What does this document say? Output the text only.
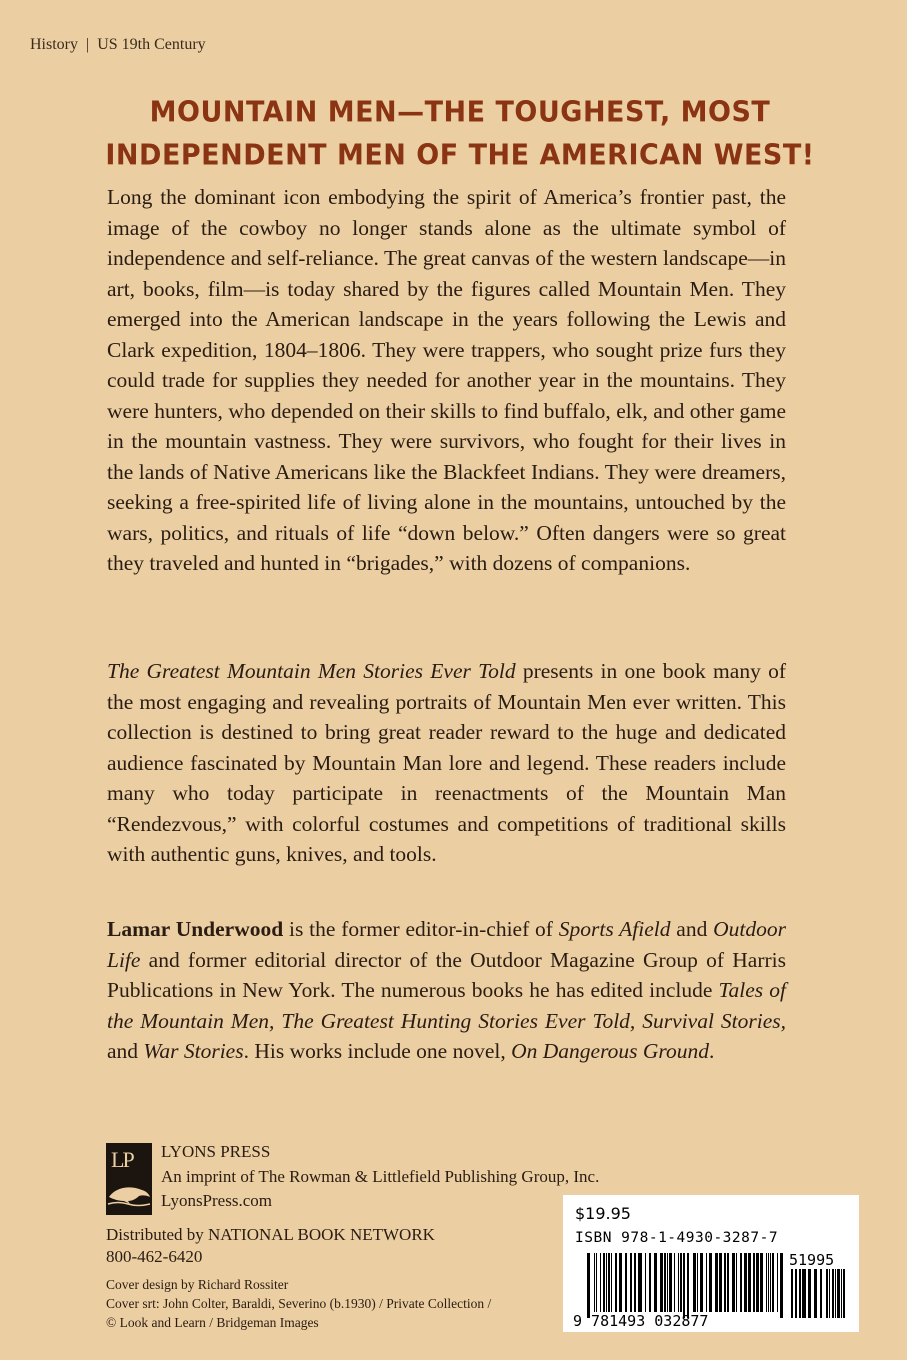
History | US 19th Century
MOUNTAIN MEN—THE TOUGHEST, MOST
INDEPENDENT MEN OF THE AMERICAN WEST!
Long the dominant icon embodying the spirit of America’s frontier past, the image of the cowboy no longer stands alone as the ultimate symbol of independence and self-reliance. The great canvas of the western landscape—in art, books, film—is today shared by the figures called Mountain Men. They emerged into the American landscape in the years following the Lewis and Clark expedition, 1804–1806. They were trappers, who sought prize furs they could trade for supplies they needed for another year in the mountains. They were hunters, who depended on their skills to find buffalo, elk, and other game in the mountain vastness. They were survivors, who fought for their lives in the lands of Native Americans like the Blackfeet Indians. They were dreamers, seeking a free-spirited life of living alone in the mountains, untouched by the wars, politics, and rituals of life “down below.” Often dangers were so great they traveled and hunted in “brigades,” with dozens of companions.
The Greatest Mountain Men Stories Ever Told presents in one book many of the most engaging and revealing portraits of Mountain Men ever written. This collection is destined to bring great reader reward to the huge and dedicated audience fascinated by Mountain Man lore and legend. These readers include many who today participate in reenactments of the Mountain Man “Rendezvous,” with colorful costumes and competitions of traditional skills with authentic guns, knives, and tools.
Lamar Underwood is the former editor-in-chief of Sports Afield and Outdoor Life and former editorial director of the Outdoor Magazine Group of Harris Publications in New York. The numerous books he has edited include Tales of the Mountain Men, The Greatest Hunting Stories Ever Told, Survival Stories, and War Stories. His works include one novel, On Dangerous Ground.
LP LYONS PRESS
An imprint of The Rowman & Littlefield Publishing Group, Inc.
LyonsPress.com
Distributed by NATIONAL BOOK NETWORK
800-462-6420
Cover design by Richard Rossiter
Cover srt: John Colter, Baraldi, Severino (b.1930) / Private Collection /
© Look and Learn / Bridgeman Images
$19.95
ISBN 978-1-4930-3287-7
9 781493 032877
51995
